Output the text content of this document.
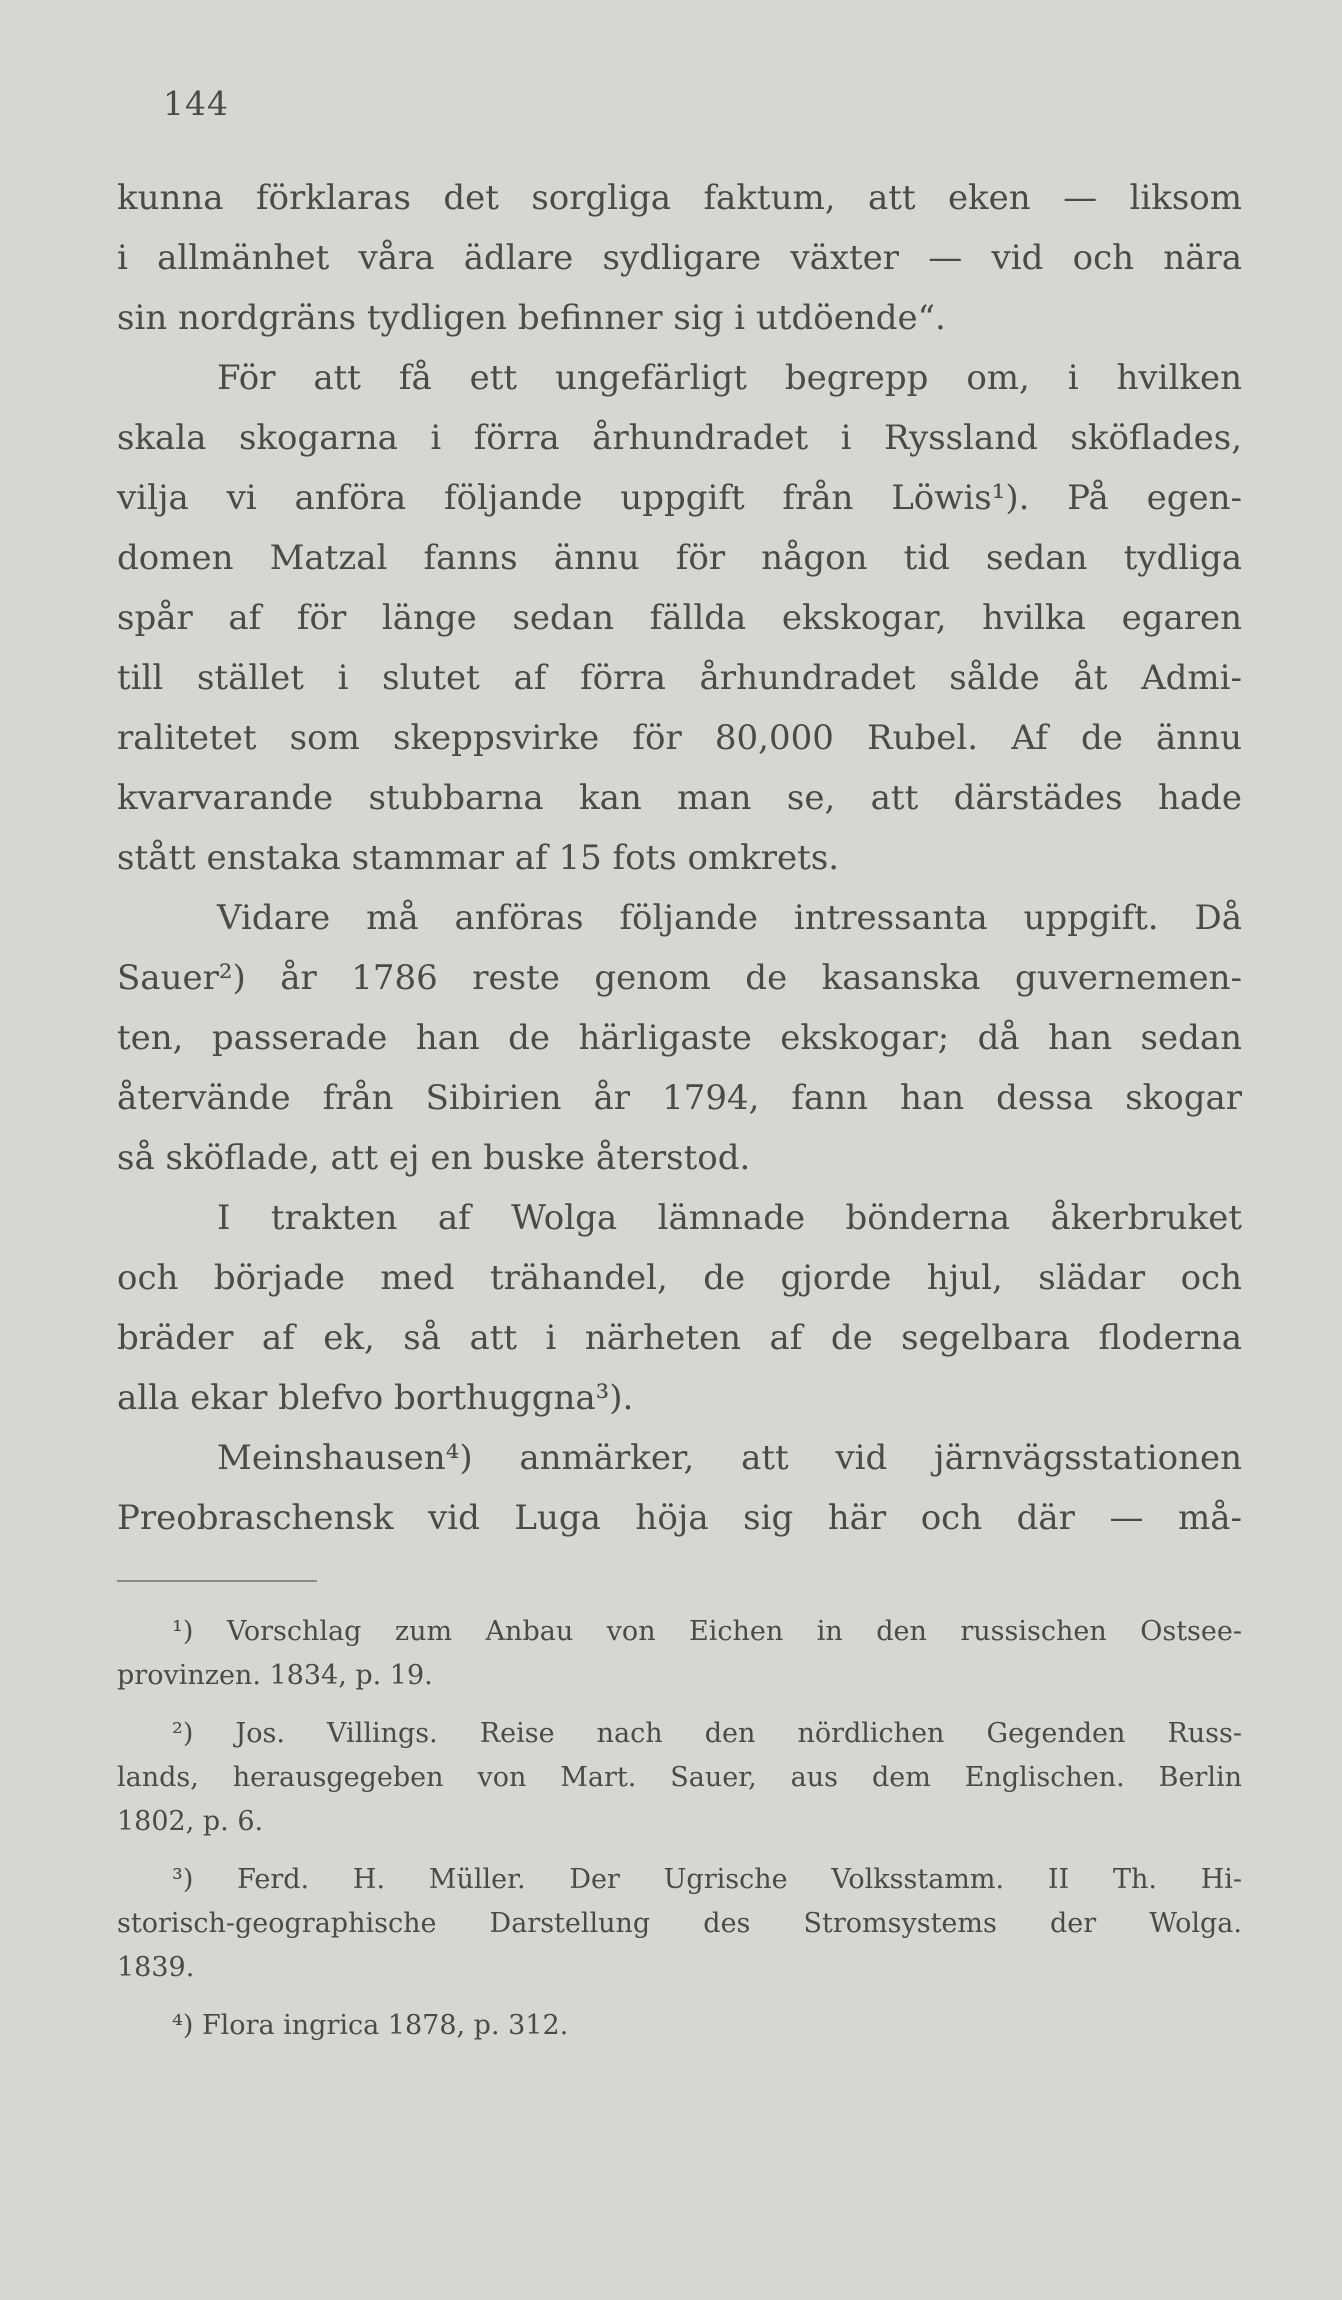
144
kunna förklaras det sorgliga faktum, att eken — liksom
i allmänhet våra ädlare sydligare växter — vid och nära
sin nordgräns tydligen befinner sig i utdöende“.
För att få ett ungefärligt begrepp om, i hvilken
skala skogarna i förra århundradet i Ryssland sköflades,
vilja vi anföra följande uppgift från Löwis¹). På egen-
domen Matzal fanns ännu för någon tid sedan tydliga
spår af för länge sedan fällda ekskogar, hvilka egaren
till stället i slutet af förra århundradet sålde åt Admi-
ralitetet som skeppsvirke för 80,000 Rubel. Af de ännu
kvarvarande stubbarna kan man se, att därstädes hade
stått enstaka stammar af 15 fots omkrets.
Vidare må anföras följande intressanta uppgift. Då
Sauer²) år 1786 reste genom de kasanska guvernemen-
ten, passerade han de härligaste ekskogar; då han sedan
återvände från Sibirien år 1794, fann han dessa skogar
så sköflade, att ej en buske återstod.
I trakten af Wolga lämnade bönderna åkerbruket
och började med trähandel, de gjorde hjul, slädar och
bräder af ek, så att i närheten af de segelbara floderna
alla ekar blefvo borthuggna³).
Meinshausen⁴) anmärker, att vid järnvägsstationen
Preobraschensk vid Luga höja sig här och där — må-
¹) Vorschlag zum Anbau von Eichen in den russischen Ostsee-
provinzen. 1834, p. 19.
²) Jos. Villings. Reise nach den nördlichen Gegenden Russ-
lands, herausgegeben von Mart. Sauer, aus dem Englischen. Berlin
1802, p. 6.
³) Ferd. H. Müller. Der Ugrische Volksstamm. II Th. Hi-
storisch-geographische Darstellung des Stromsystems der Wolga.
1839.
⁴) Flora ingrica 1878, p. 312.
